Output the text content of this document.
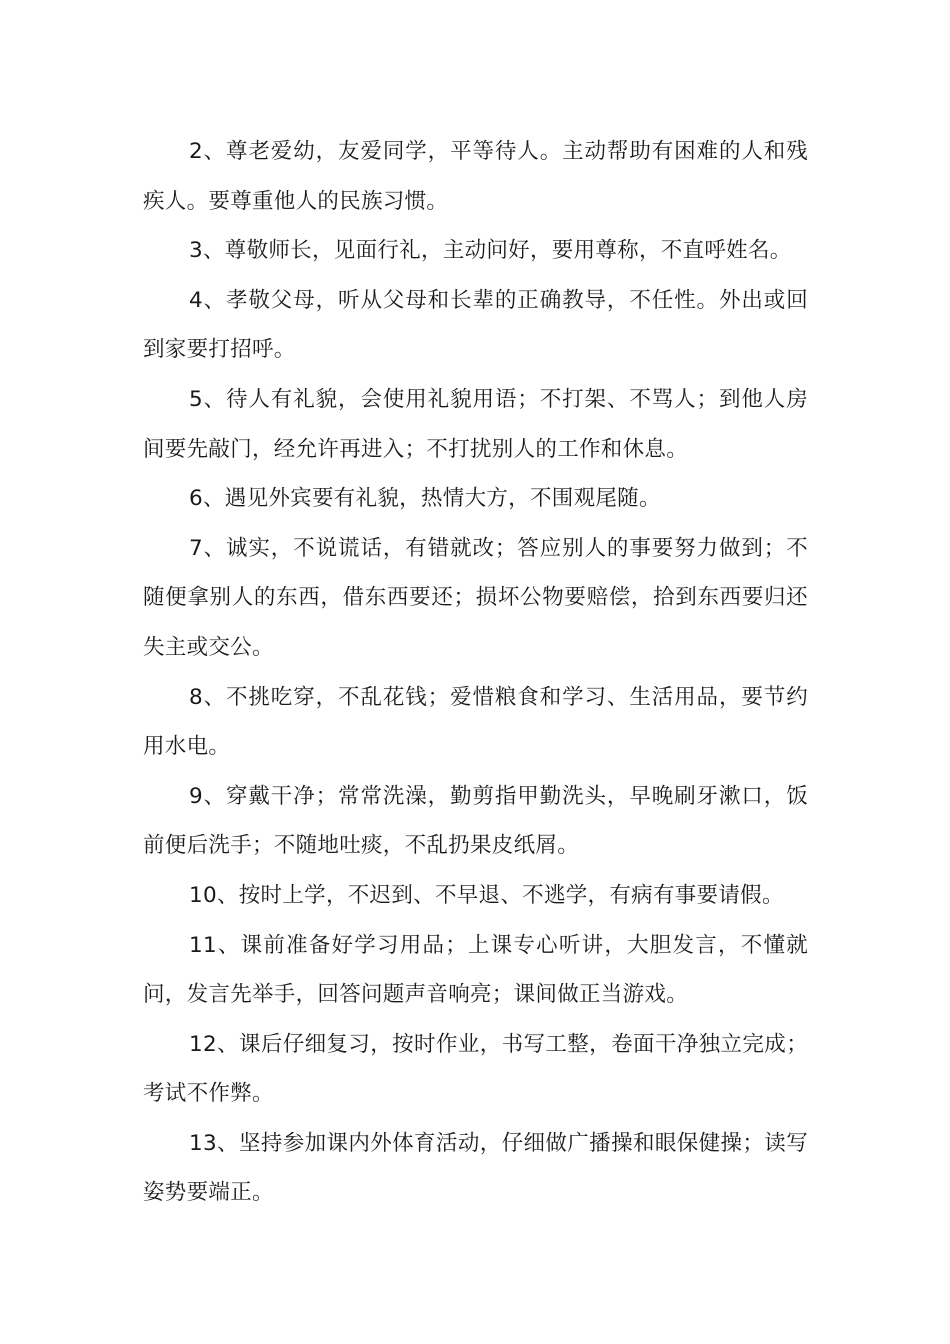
2、尊老爱幼，友爱同学，平等待人。主动帮助有困难的人和残疾人。要尊重他人的民族习惯。

3、尊敬师长，见面行礼，主动问好，要用尊称，不直呼姓名。

4、孝敬父母，听从父母和长辈的正确教导，不任性。外出或回到家要打招呼。

5、待人有礼貌，会使用礼貌用语；不打架、不骂人；到他人房间要先敲门，经允许再进入；不打扰别人的工作和休息。

6、遇见外宾要有礼貌，热情大方，不围观尾随。

7、诚实，不说谎话，有错就改；答应别人的事要努力做到；不随便拿别人的东西，借东西要还；损坏公物要赔偿，拾到东西要归还失主或交公。

8、不挑吃穿，不乱花钱；爱惜粮食和学习、生活用品，要节约用水电。

9、穿戴干净；常常洗澡，勤剪指甲勤洗头，早晚刷牙漱口，饭前便后洗手；不随地吐痰，不乱扔果皮纸屑。

10、按时上学，不迟到、不早退、不逃学，有病有事要请假。

11、课前准备好学习用品；上课专心听讲，大胆发言，不懂就问，发言先举手，回答问题声音响亮；课间做正当游戏。

12、课后仔细复习，按时作业，书写工整，卷面干净独立完成；考试不作弊。

13、坚持参加课内外体育活动，仔细做广播操和眼保健操；读写姿势要端正。
